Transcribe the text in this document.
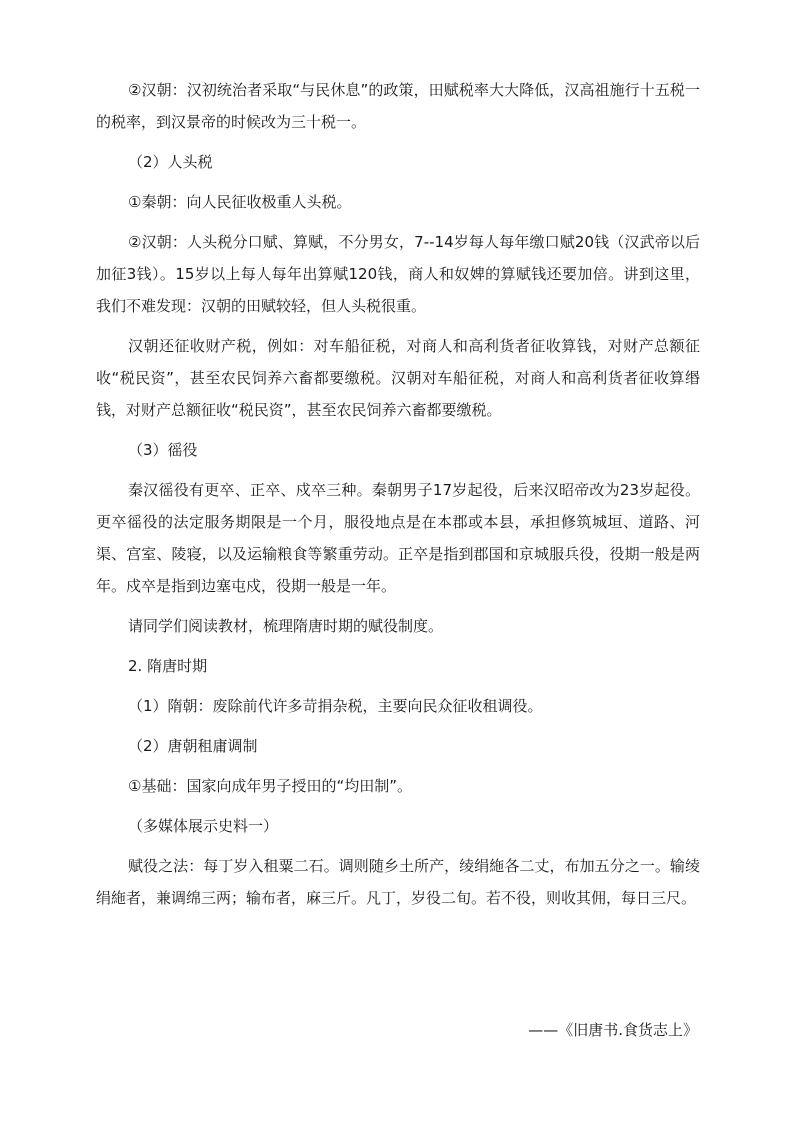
②汉朝：汉初统治者采取“与民休息”的政策，田赋税率大大降低，汉高祖施行十五税一的税率，到汉景帝的时候改为三十税一。

（2）人头税

①秦朝：向人民征收极重人头税。

②汉朝：人头税分口赋、算赋，不分男女，7--14岁每人每年缴口赋20钱（汉武帝以后加征3钱）。15岁以上每人每年出算赋120钱，商人和奴婢的算赋钱还要加倍。讲到这里，我们不难发现：汉朝的田赋较轻，但人头税很重。

汉朝还征收财产税，例如：对车船征税，对商人和高利货者征收算钱，对财产总额征收“税民资”，甚至农民饲养六畜都要缴税。汉朝对车船征税，对商人和高利货者征收算缗钱，对财产总额征收“税民资”，甚至农民饲养六畜都要缴税。

（3）徭役

秦汉徭役有更卒、正卒、戍卒三种。秦朝男子17岁起役，后来汉昭帝改为23岁起役。更卒徭役的法定服务期限是一个月，服役地点是在本郡或本县，承担修筑城垣、道路、河渠、宫室、陵寝，以及运输粮食等繁重劳动。正卒是指到郡国和京城服兵役，役期一般是两年。戍卒是指到边塞屯戍，役期一般是一年。

请同学们阅读教材，梳理隋唐时期的赋役制度。

2. 隋唐时期

（1）隋朝：废除前代许多苛捐杂税，主要向民众征收租调役。

（2）唐朝租庸调制

①基础：国家向成年男子授田的“均田制”。

（多媒体展示史料一）

赋役之法：每丁岁入租粟二石。调则随乡土所产，绫绢絁各二丈，布加五分之一。输绫绢絁者，兼调绵三两；输布者，麻三斤。凡丁，岁役二旬。若不役，则收其佣，每日三尺。

——《旧唐书.食货志上》
